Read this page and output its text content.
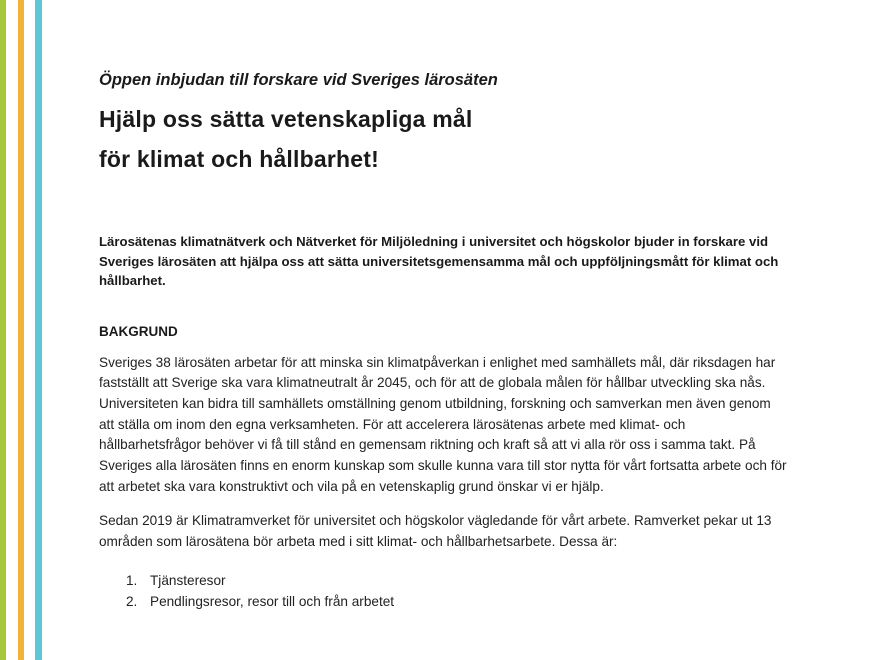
Öppen inbjudan till forskare vid Sveriges lärosäten

Hjälp oss sätta vetenskapliga mål
för klimat och hållbarhet!

Lärosätenas klimatnätverk och Nätverket för Miljöledning i universitet och högskolor bjuder in forskare vid Sveriges lärosäten att hjälpa oss att sätta universitetsgemensamma mål och uppföljningsmått för klimat och hållbarhet.

BAKGRUND

Sveriges 38 lärosäten arbetar för att minska sin klimatpåverkan i enlighet med samhällets mål, där riksdagen har fastställt att Sverige ska vara klimatneutralt år 2045, och för att de globala målen för hållbar utveckling ska nås. Universiteten kan bidra till samhällets omställning genom utbildning, forskning och samverkan men även genom att ställa om inom den egna verksamheten. För att accelerera lärosätenas arbete med klimat- och hållbarhetsfrågor behöver vi få till stånd en gemensam riktning och kraft så att vi alla rör oss i samma takt. På Sveriges alla lärosäten finns en enorm kunskap som skulle kunna vara till stor nytta för vårt fortsatta arbete och för att arbetet ska vara konstruktivt och vila på en vetenskaplig grund önskar vi er hjälp.

Sedan 2019 är Klimatramverket för universitet och högskolor vägledande för vårt arbete. Ramverket pekar ut 13 områden som lärosätena bör arbeta med i sitt klimat- och hållbarhetsarbete. Dessa är:

1. Tjänsteresor
2. Pendlingsresor, resor till och från arbetet
